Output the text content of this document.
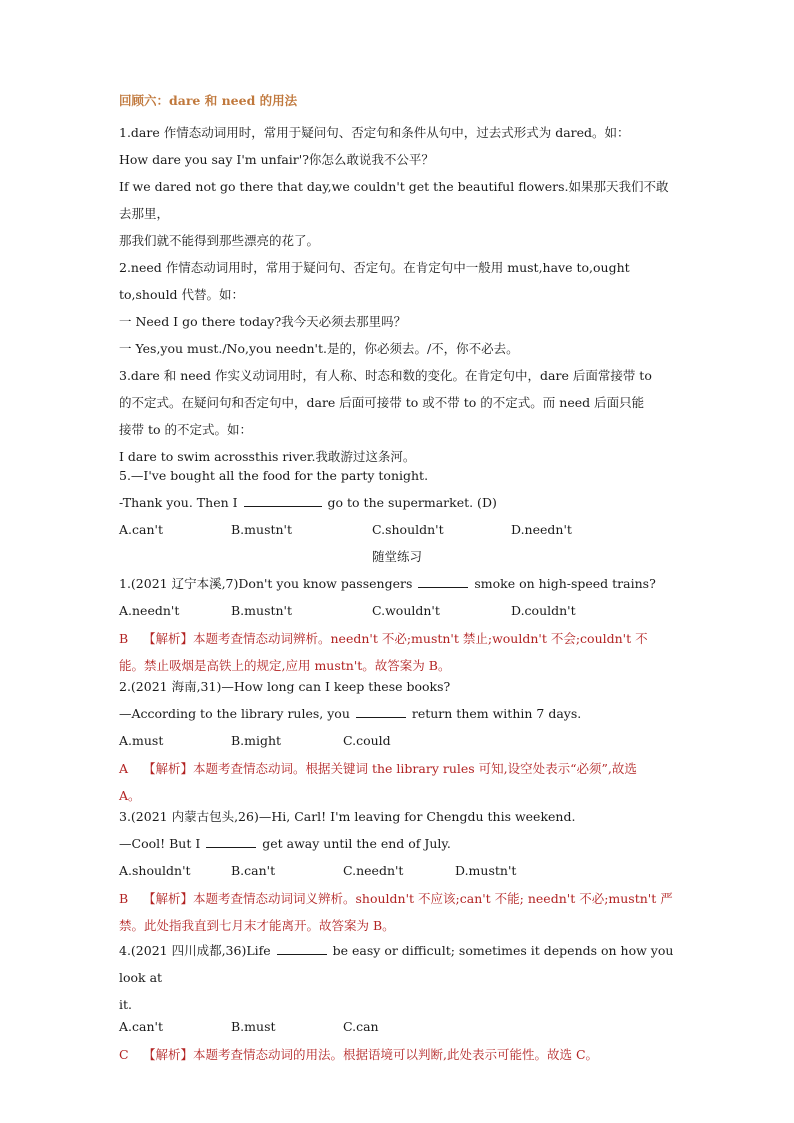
回顾六：dare 和 need 的用法
1.dare 作情态动词用时，常用于疑问句、否定句和条件从句中，过去式形式为 dared。如：
How dare you say I'm unfair'?你怎么敢说我不公平？
If we dared not go there that day,we couldn't get the beautiful flowers.如果那天我们不敢去那里，
那我们就不能得到那些漂亮的花了。
2.need 作情态动词用时，常用于疑问句、否定句。在肯定句中一般用 must,have to,ought
to,should 代替。如：
一 Need I go there today?我今天必须去那里吗？
一 Yes,you must./No,you needn't.是的，你必须去。/不，你不必去。
3.dare 和 need 作实义动词用时，有人称、时态和数的变化。在肯定句中，dare 后面常接带 to
的不定式。在疑问句和否定句中，dare 后面可接带 to 或不带 to 的不定式。而 need 后面只能
接带 to 的不定式。如：
I dare to swim acrossthis river.我敢游过这条河。
5.—I've bought all the food for the party tonight.
-Thank you. Then I	go to the supermarket. (D)
A.can't	B.mustn't	C.shouldn't	D.needn't
随堂练习
1.(2021 辽宁本溪,7)Don't you know passengers	smoke on high-speed trains?
A.needn't	B.mustn't	C.wouldn't	D.couldn't
B 【解析】本题考查情态动词辨析。needn't 不必;mustn't 禁止;wouldn't 不会;couldn't 不
能。禁止吸烟是高铁上的规定,应用 mustn't。故答案为 B。
2.(2021 海南,31)—How long can I keep these books?
—According to the library rules, you	return them within 7 days.
A.must	B.might	C.could
A 【解析】本题考查情态动词。根据关键词 the library rules 可知,设空处表示“必须”,故选
A。
3.(2021 内蒙古包头,26)—Hi, Carl! I'm leaving for Chengdu this weekend.
—Cool! But I	get away until the end of July.
A.shouldn't	B.can't	C.needn't	D.mustn't
B 【解析】本题考查情态动词词义辨析。shouldn't 不应该;can't 不能; needn't 不必;mustn't 严
禁。此处指我直到七月末才能离开。故答案为 B。
4.(2021 四川成都,36)Life	be easy or difficult; sometimes it depends on how you look at
it.
A.can't	B.must	C.can
C 【解析】本题考查情态动词的用法。根据语境可以判断,此处表示可能性。故选 C。
